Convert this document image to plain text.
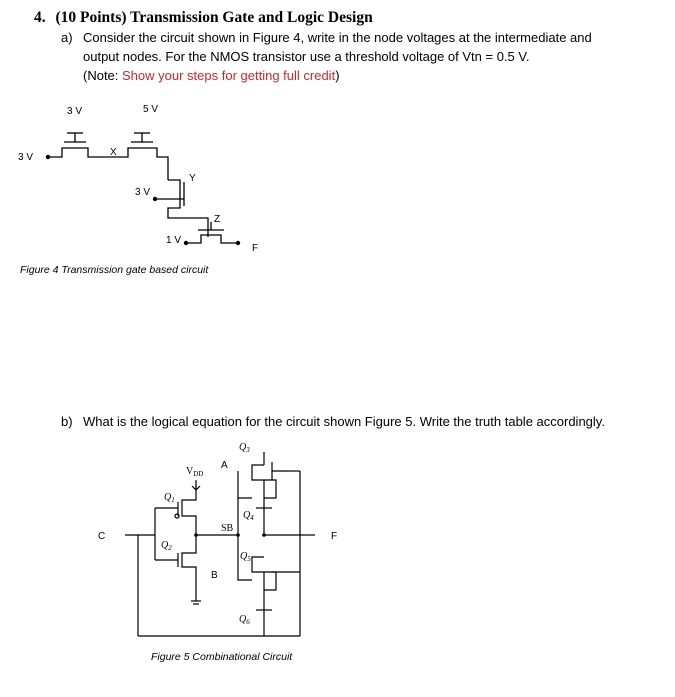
4. (10 Points) Transmission Gate and Logic Design
a) Consider the circuit shown in Figure 4, write in the node voltages at the intermediate and
output nodes. For the NMOS transistor use a threshold voltage of Vtn = 0.5 V.
(Note: Show your steps for getting full credit)
3 V	5 V
3 V	X
Y
3 V
Z
1 V
F
Figure 4 Transmission gate based circuit
b) What is the logical equation for the circuit shown Figure 5. Write the truth table accordingly.
$Q_3$
$V_{DD}$
A
$Q_1$
$Q_4$
SB
C
$Q_2$
$Q_5$
F
B
$Q_6$
Figure 5 Combinational Circuit
